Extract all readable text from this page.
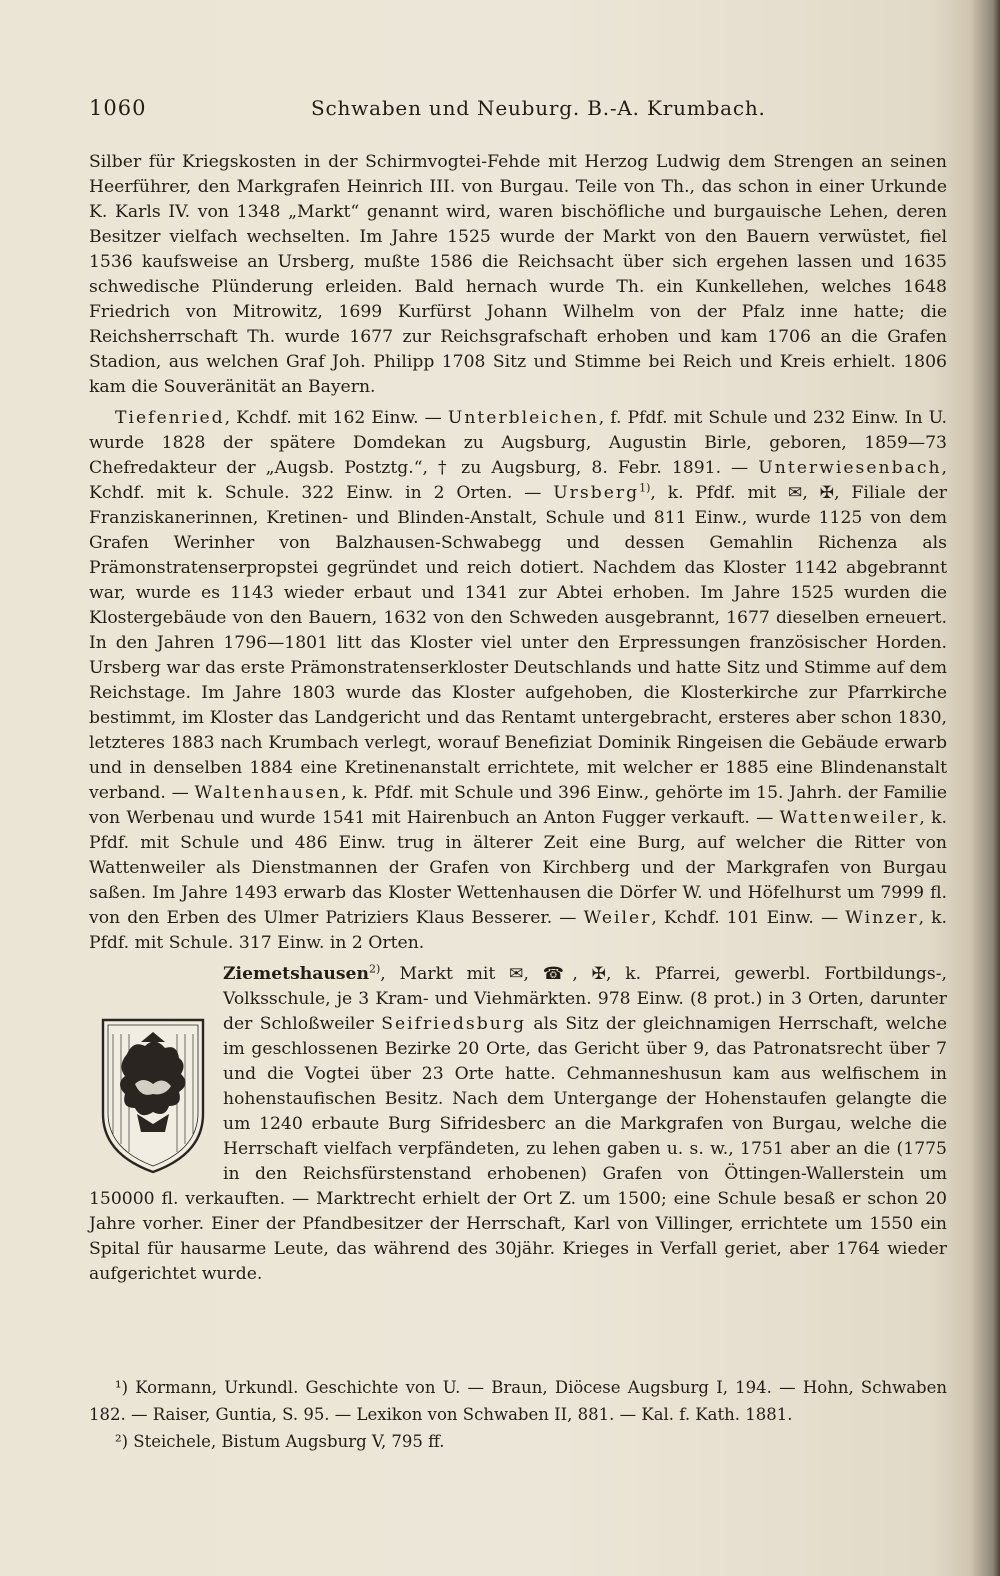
1060	Schwaben und Neuburg. B.-A. Krumbach.

Silber für Kriegskosten in der Schirmvogtei-Fehde mit Herzog Ludwig dem Strengen an seinen Heerführer, den Markgrafen Heinrich III. von Burgau. Teile von Th., das schon in einer Urkunde K. Karls IV. von 1348 „Markt“ genannt wird, waren bischöfliche und burgauische Lehen, deren Besitzer vielfach wechselten. Im Jahre 1525 wurde der Markt von den Bauern verwüstet, fiel 1536 kaufsweise an Ursberg, mußte 1586 die Reichsacht über sich ergehen lassen und 1635 schwedische Plünderung erleiden. Bald hernach wurde Th. ein Kunkellehen, welches 1648 Friedrich von Mitrowitz, 1699 Kurfürst Johann Wilhelm von der Pfalz inne hatte; die Reichsherrschaft Th. wurde 1677 zur Reichsgrafschaft erhoben und kam 1706 an die Grafen Stadion, aus welchen Graf Joh. Philipp 1708 Sitz und Stimme bei Reich und Kreis erhielt. 1806 kam die Souveränität an Bayern.

Tiefenried, Kchdf. mit 162 Einw. — Unterbleichen, f. Pfdf. mit Schule und 232 Einw. In U. wurde 1828 der spätere Domdekan zu Augsburg, Augustin Birle, geboren, 1859—73 Chefredakteur der „Augsb. Postztg.“, † zu Augsburg, 8. Febr. 1891. — Unterwiesenbach, Kchdf. mit k. Schule. 322 Einw. in 2 Orten. — Ursberg$^{1)}$, k. Pfdf. mit ✉, ✠, Filiale der Franziskanerinnen, Kretinen- und Blinden-Anstalt, Schule und 811 Einw., wurde 1125 von dem Grafen Werinher von Balzhausen-Schwabegg und dessen Gemahlin Richenza als Prämonstratenserpropstei gegründet und reich dotiert. Nachdem das Kloster 1142 abgebrannt war, wurde es 1143 wieder erbaut und 1341 zur Abtei erhoben. Im Jahre 1525 wurden die Klostergebäude von den Bauern, 1632 von den Schweden ausgebrannt, 1677 dieselben erneuert. In den Jahren 1796—1801 litt das Kloster viel unter den Erpressungen französischer Horden. Ursberg war das erste Prämonstratenserkloster Deutschlands und hatte Sitz und Stimme auf dem Reichstage. Im Jahre 1803 wurde das Kloster aufgehoben, die Klosterkirche zur Pfarrkirche bestimmt, im Kloster das Landgericht und das Rentamt untergebracht, ersteres aber schon 1830, letzteres 1883 nach Krumbach verlegt, worauf Benefiziat Dominik Ringeisen die Gebäude erwarb und in denselben 1884 eine Kretinenanstalt errichtete, mit welcher er 1885 eine Blindenanstalt verband. — Waltenhausen, k. Pfdf. mit Schule und 396 Einw., gehörte im 15. Jahrh. der Familie von Werbenau und wurde 1541 mit Hairenbuch an Anton Fugger verkauft. — Wattenweiler, k. Pfdf. mit Schule und 486 Einw. trug in älterer Zeit eine Burg, auf welcher die Ritter von Wattenweiler als Dienstmannen der Grafen von Kirchberg und der Markgrafen von Burgau saßen. Im Jahre 1493 erwarb das Kloster Wettenhausen die Dörfer W. und Höfelhurst um 7999 fl. von den Erben des Ulmer Patriziers Klaus Besserer. — Weiler, Kchdf. 101 Einw. — Winzer, k. Pfdf. mit Schule. 317 Einw. in 2 Orten.

Ziemetshausen$^{2)}$, Markt mit ✉, ☎, ✠, k. Pfarrei, gewerbl. Fortbildungs-, Volksschule, je 3 Kram- und Viehmärkten. 978 Einw. (8 prot.) in 3 Orten, darunter der Schloßweiler Seifriedsburg als Sitz der gleichnamigen Herrschaft, welche im geschlossenen Bezirke 20 Orte, das Gericht über 9, das Patronatsrecht über 7 und die Vogtei über 23 Orte hatte. Cehmanneshusun kam aus welfischem in hohenstaufischen Besitz. Nach dem Untergange der Hohenstaufen gelangte die um 1240 erbaute Burg Sifridesberc an die Markgrafen von Burgau, welche die Herrschaft vielfach verpfändeten, zu lehen gaben u. s. w., 1751 aber an die (1775 in den Reichsfürstenstand erhobenen) Grafen von Öttingen-Wallerstein um 150000 fl. verkauften. — Marktrecht erhielt der Ort Z. um 1500; eine Schule besaß er schon 20 Jahre vorher. Einer der Pfandbesitzer der Herrschaft, Karl von Villinger, errichtete um 1550 ein Spital für hausarme Leute, das während des 30jähr. Krieges in Verfall geriet, aber 1764 wieder aufgerichtet wurde.

¹) Kormann, Urkundl. Geschichte von U. — Braun, Diöcese Augsburg I, 194. — Hohn, Schwaben 182. — Raiser, Guntia, S. 95. — Lexikon von Schwaben II, 881. — Kal. f. Kath. 1881.

²) Steichele, Bistum Augsburg V, 795 ff.
